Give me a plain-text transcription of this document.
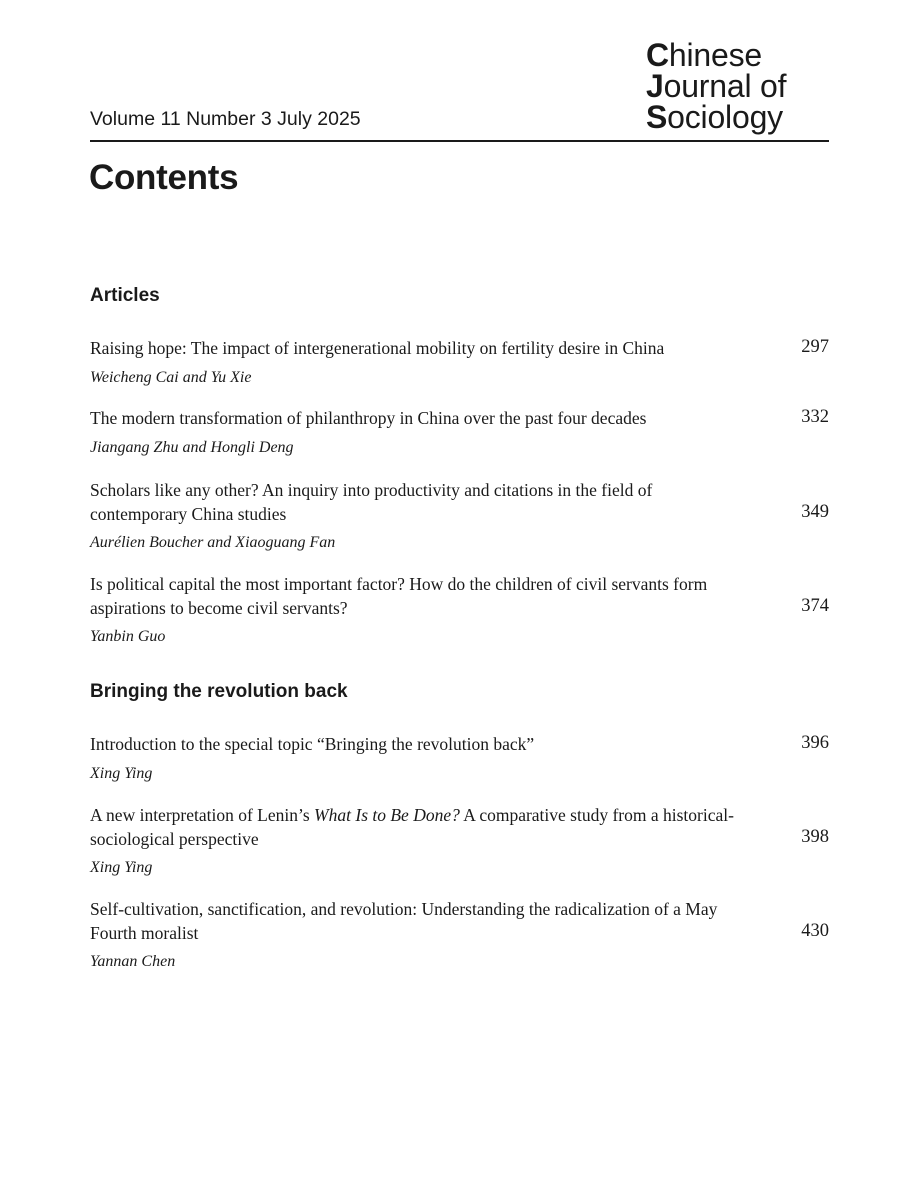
Chinese
Journal of
Sociology
Volume 11 Number 3 July 2025
Contents
Articles
Raising hope: The impact of intergenerational mobility on fertility desire in China
Weicheng Cai and Yu Xie
297
The modern transformation of philanthropy in China over the past four decades
Jiangang Zhu and Hongli Deng
332
Scholars like any other? An inquiry into productivity and citations in the field of contemporary China studies
Aurélien Boucher and Xiaoguang Fan
349
Is political capital the most important factor? How do the children of civil servants form aspirations to become civil servants?
Yanbin Guo
374
Bringing the revolution back
Introduction to the special topic “Bringing the revolution back”
Xing Ying
396
A new interpretation of Lenin’s What Is to Be Done? A comparative study from a historical-sociological perspective
Xing Ying
398
Self-cultivation, sanctification, and revolution: Understanding the radicalization of a May Fourth moralist
Yannan Chen
430
